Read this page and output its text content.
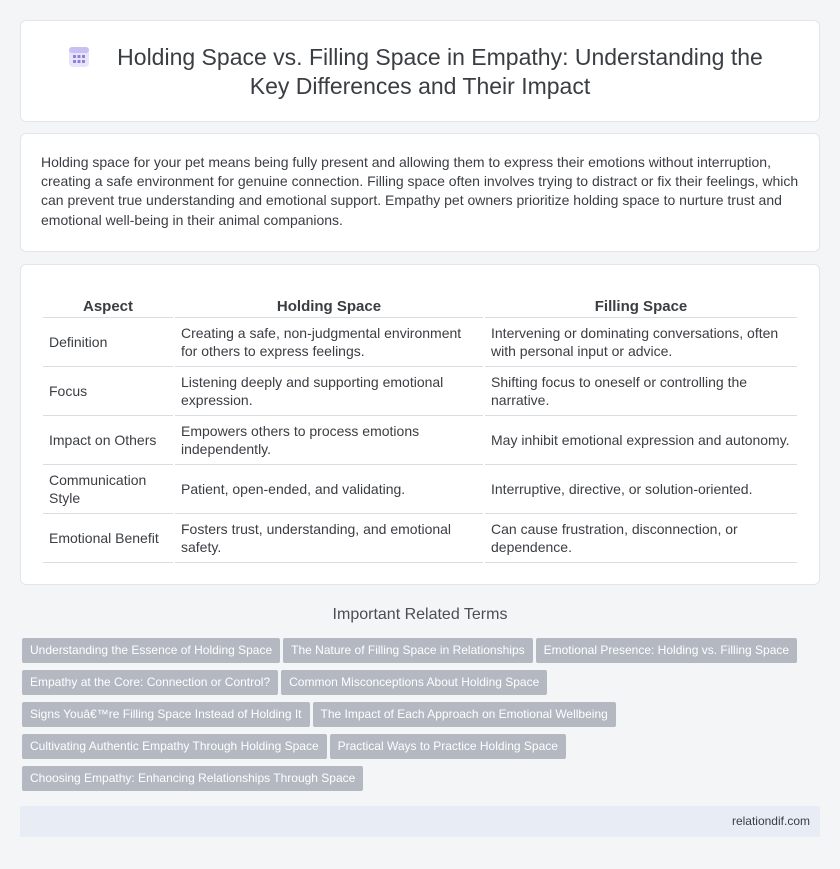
Holding Space vs. Filling Space in Empathy: Understanding the
Key Differences and Their Impact

Holding space for your pet means being fully present and allowing them to express their emotions without interruption, creating a safe environment for genuine connection. Filling space often involves trying to distract or fix their feelings, which can prevent true understanding and emotional support. Empathy pet owners prioritize holding space to nurture trust and emotional well-being in their animal companions.

Aspect	Holding Space	Filling Space
Definition	Creating a safe, non-judgmental environment for others to express feelings.	Intervening or dominating conversations, often with personal input or advice.
Focus	Listening deeply and supporting emotional expression.	Shifting focus to oneself or controlling the narrative.
Impact on Others	Empowers others to process emotions independently.	May inhibit emotional expression and autonomy.
Communication Style	Patient, open-ended, and validating.	Interruptive, directive, or solution-oriented.
Emotional Benefit	Fosters trust, understanding, and emotional safety.	Can cause frustration, disconnection, or dependence.
Important Related Terms
Understanding the Essence of Holding Space The Nature of Filling Space in Relationships Emotional Presence: Holding vs. Filling Space
Empathy at the Core: Connection or Control? Common Misconceptions About Holding Space
Signs Youâ€™re Filling Space Instead of Holding It The Impact of Each Approach on Emotional Wellbeing
Cultivating Authentic Empathy Through Holding Space Practical Ways to Practice Holding Space
Choosing Empathy: Enhancing Relationships Through Space
relationdif.com
